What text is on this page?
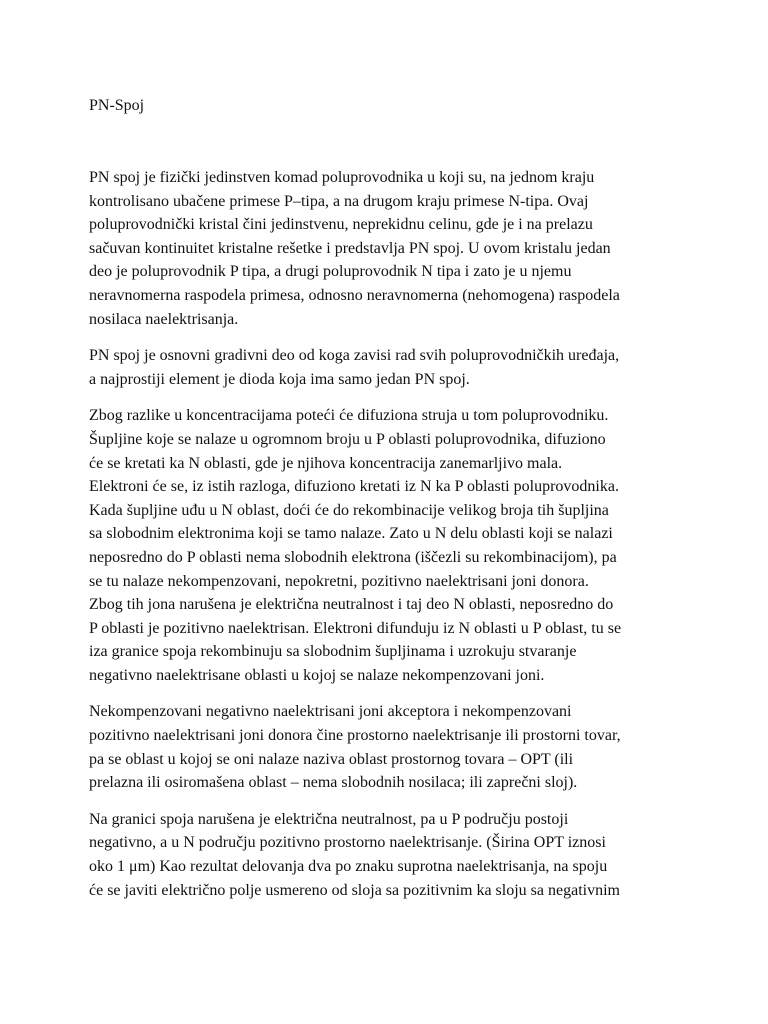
PN-Spoj

PN spoj je fizički jedinstven komad poluprovodnika u koji su, na jednom kraju
kontrolisano ubačene primese P–tipa, a na drugom kraju primese N-tipa. Ovaj
poluprovodnički kristal čini jedinstvenu, neprekidnu celinu, gde je i na prelazu
sačuvan kontinuitet kristalne rešetke i predstavlja PN spoj. U ovom kristalu jedan
deo je poluprovodnik P tipa, a drugi poluprovodnik N tipa i zato je u njemu
neravnomerna raspodela primesa, odnosno neravnomerna (nehomogena) raspodela
nosilaca naelektrisanja.

PN spoj je osnovni gradivni deo od koga zavisi rad svih poluprovodničkih uređaja,
a najprostiji element je dioda koja ima samo jedan PN spoj.

Zbog razlike u koncentracijama poteći će difuziona struja u tom poluprovodniku.
Šupljine koje se nalaze u ogromnom broju u P oblasti poluprovodnika, difuziono
će se kretati ka N oblasti, gde je njihova koncentracija zanemarljivo mala.
Elektroni će se, iz istih razloga, difuziono kretati iz N ka P oblasti poluprovodnika.
Kada šupljine uđu u N oblast, doći će do rekombinacije velikog broja tih šupljina
sa slobodnim elektronima koji se tamo nalaze. Zato u N delu oblasti koji se nalazi
neposredno do P oblasti nema slobodnih elektrona (iščezli su rekombinacijom), pa
se tu nalaze nekompenzovani, nepokretni, pozitivno naelektrisani joni donora.
Zbog tih jona narušena je električna neutralnost i taj deo N oblasti, neposredno do
P oblasti je pozitivno naelektrisan. Elektroni difunduju iz N oblasti u P oblast, tu se
iza granice spoja rekombinuju sa slobodnim šupljinama i uzrokuju stvaranje
negativno naelektrisane oblasti u kojoj se nalaze nekompenzovani joni.

Nekompenzovani negativno naelektrisani joni akceptora i nekompenzovani
pozitivno naelektrisani joni donora čine prostorno naelektrisanje ili prostorni tovar,
pa se oblast u kojoj se oni nalaze naziva oblast prostornog tovara – OPT (ili
prelazna ili osiromašena oblast – nema slobodnih nosilaca; ili zaprečni sloj).

Na granici spoja narušena je električna neutralnost, pa u P području postoji
negativno, a u N području pozitivno prostorno naelektrisanje. (Širina OPT iznosi
oko 1 μm) Kao rezultat delovanja dva po znaku suprotna naelektrisanja, na spoju
će se javiti električno polje usmereno od sloja sa pozitivnim ka sloju sa negativnim
